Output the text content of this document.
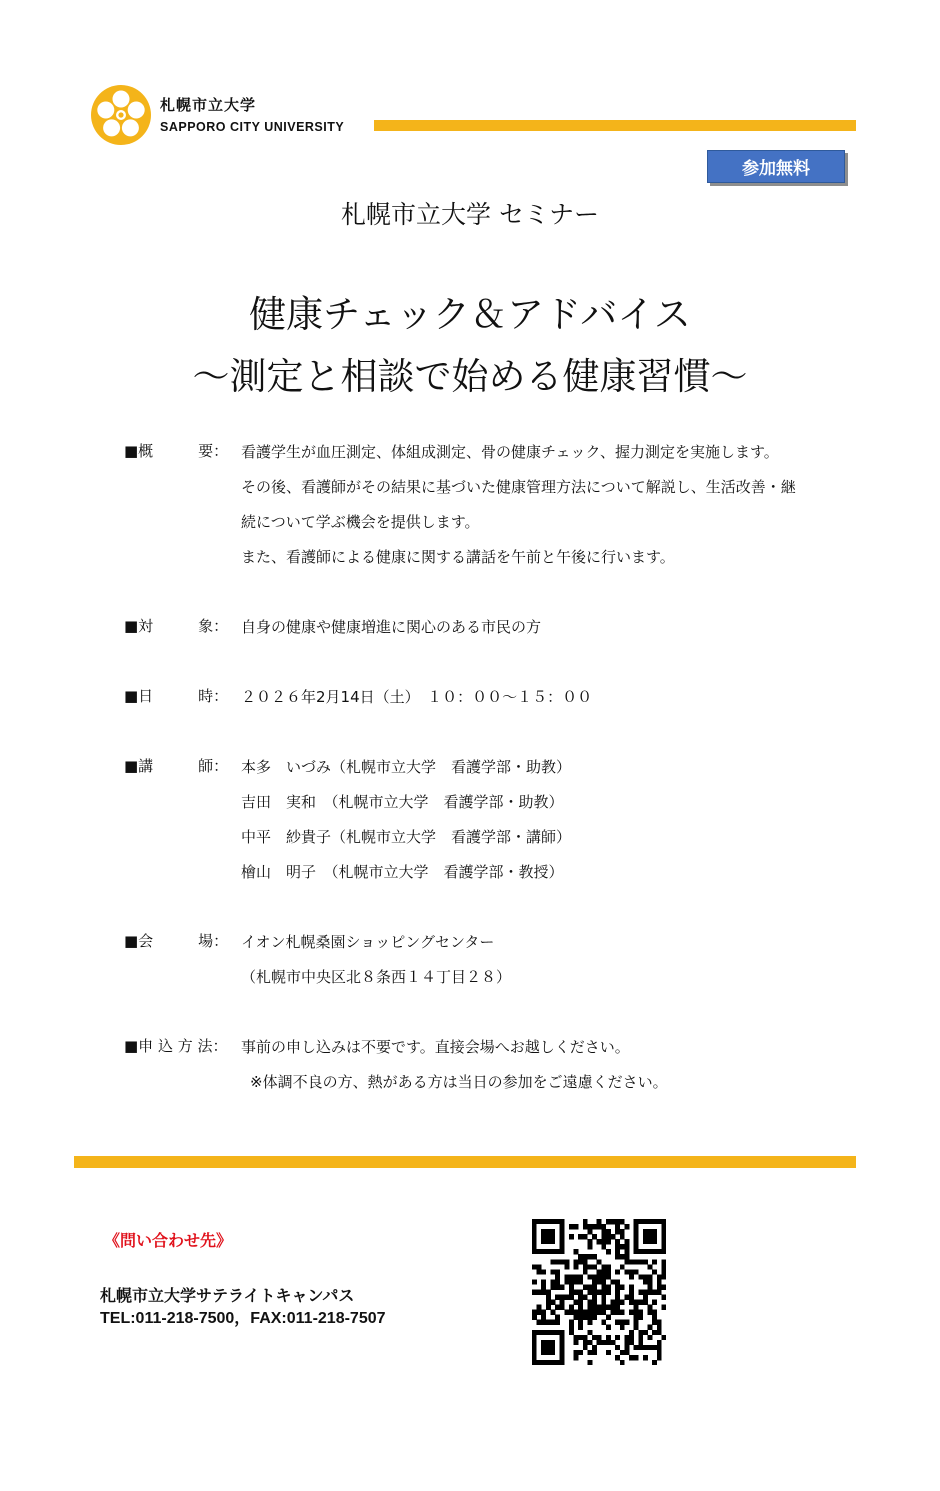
札幌市立大学
SAPPORO CITY UNIVERSITY
参加無料
札幌市立大学 セミナー
健康チェック＆アドバイス
～測定と相談で始める健康習慣～
■概　　　要： 看護学生が血圧測定、体組成測定、骨の健康チェック、握力測定を実施します。
その後、看護師がその結果に基づいた健康管理方法について解説し、生活改善・継
続について学ぶ機会を提供します。
また、看護師による健康に関する講話を午前と午後に行います。
■対　　　象： 自身の健康や健康増進に関心のある市民の方
■日　　　時： ２０２６年2月14日（土）　１０：００～１５：００
■講　　　師： 本多　いづみ（札幌市立大学　看護学部・助教）
吉田　実和　（札幌市立大学　看護学部・助教）
中平　紗貴子（札幌市立大学　看護学部・講師）
檜山　明子　（札幌市立大学　看護学部・教授）
■会　　　場： イオン札幌桑園ショッピングセンター
（札幌市中央区北８条西１４丁目２８）
■申 込 方 法： 事前の申し込みは不要です。直接会場へお越しください。
※体調不良の方、熱がある方は当日の参加をご遠慮ください。
《問い合わせ先》
札幌市立大学サテライトキャンパス
TEL:011-218-7500，FAX:011-218-7507
